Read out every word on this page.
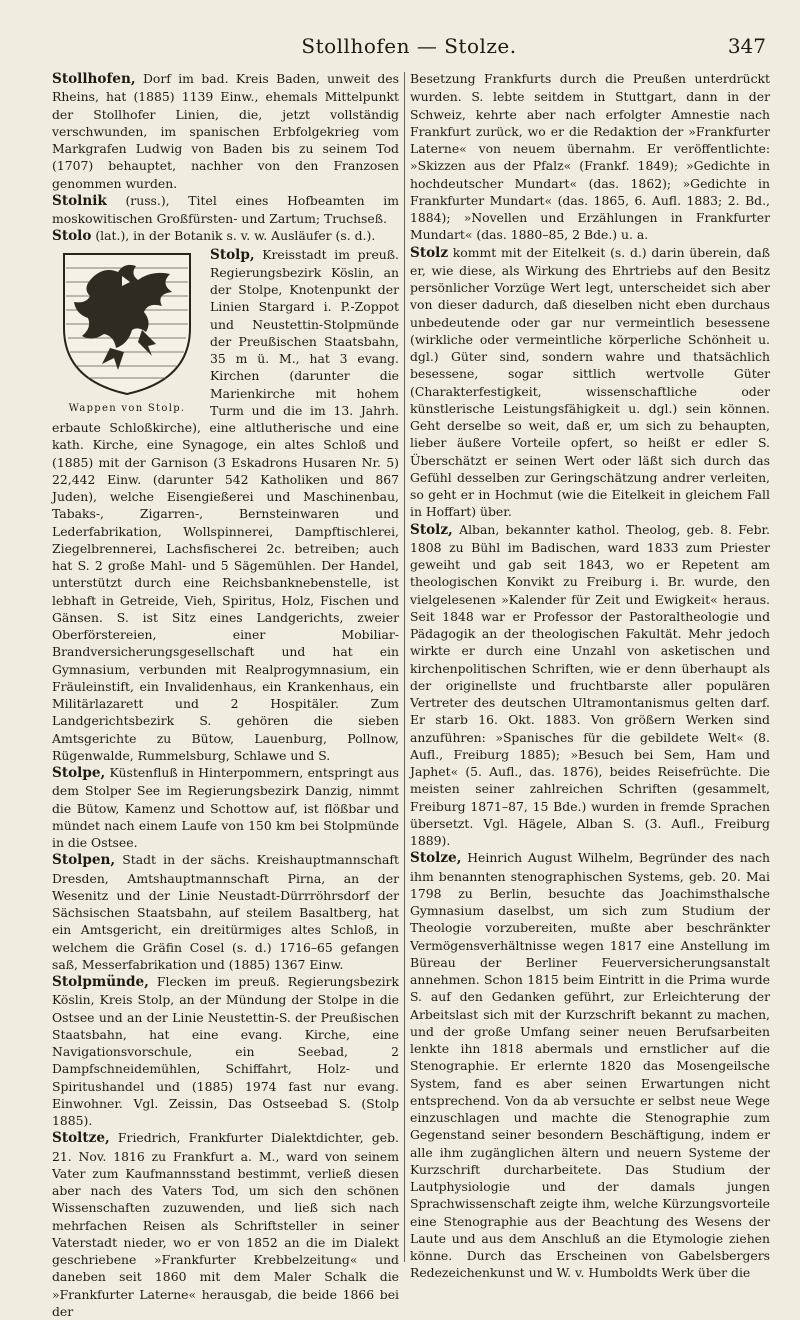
Stollhofen — Stolze.	347

Stollhofen, Dorf im bad. Kreis Baden, unweit des Rheins, hat (1885) 1139 Einw., ehemals Mittelpunkt der Stollhofer Linien, die, jetzt vollständig verschwunden, im spanischen Erbfolgekrieg vom Markgrafen Ludwig von Baden bis zu seinem Tod (1707) behauptet, nachher von den Franzosen genommen wurden.

Stolnik (russ.), Titel eines Hofbeamten im moskowitischen Großfürsten- und Zartum; Truchseß.

Stolo (lat.), in der Botanik s. v. w. Ausläufer (s. d.).

Wappen von Stolp.

Stolp, Kreisstadt im preuß. Regierungsbezirk Köslin, an der Stolpe, Knotenpunkt der Linien Stargard i. P.-Zoppot und Neustettin-Stolpmünde der Preußischen Staatsbahn, 35 m ü. M., hat 3 evang. Kirchen (darunter die Marienkirche mit hohem Turm und die im 13. Jahrh. erbaute Schloßkirche), eine altlutherische und eine kath. Kirche, eine Synagoge, ein altes Schloß und (1885) mit der Garnison (3 Eskadrons Husaren Nr. 5) 22,442 Einw. (darunter 542 Katholiken und 867 Juden), welche Eisengießerei und Maschinenbau, Tabaks-, Zigarren-, Bernsteinwaren und Lederfabrikation, Wollspinnerei, Dampftischlerei, Ziegelbrennerei, Lachsfischerei 2c. betreiben; auch hat S. 2 große Mahl- und 5 Sägemühlen. Der Handel, unterstützt durch eine Reichsbanknebenstelle, ist lebhaft in Getreide, Vieh, Spiritus, Holz, Fischen und Gänsen. S. ist Sitz eines Landgerichts, zweier Oberförstereien, einer Mobiliar-Brandversicherungsgesellschaft und hat ein Gymnasium, verbunden mit Realprogymnasium, ein Fräuleinstift, ein Invalidenhaus, ein Krankenhaus, ein Militärlazarett und 2 Hospitäler. Zum Landgerichtsbezirk S. gehören die sieben Amtsgerichte zu Bütow, Lauenburg, Pollnow, Rügenwalde, Rummelsburg, Schlawe und S.

Stolpe, Küstenfluß in Hinterpommern, entspringt aus dem Stolper See im Regierungsbezirk Danzig, nimmt die Bütow, Kamenz und Schottow auf, ist flößbar und mündet nach einem Laufe von 150 km bei Stolpmünde in die Ostsee.

Stolpen, Stadt in der sächs. Kreishauptmannschaft Dresden, Amtshauptmannschaft Pirna, an der Wesenitz und der Linie Neustadt-Dürrröhrsdorf der Sächsischen Staatsbahn, auf steilem Basaltberg, hat ein Amtsgericht, ein dreitürmiges altes Schloß, in welchem die Gräfin Cosel (s. d.) 1716–65 gefangen saß, Messerfabrikation und (1885) 1367 Einw.

Stolpmünde, Flecken im preuß. Regierungsbezirk Köslin, Kreis Stolp, an der Mündung der Stolpe in die Ostsee und an der Linie Neustettin-S. der Preußischen Staatsbahn, hat eine evang. Kirche, eine Navigationsvorschule, ein Seebad, 2 Dampfschneidemühlen, Schiffahrt, Holz- und Spiritushandel und (1885) 1974 fast nur evang. Einwohner. Vgl. Zeissin, Das Ostseebad S. (Stolp 1885).

Stoltze, Friedrich, Frankfurter Dialektdichter, geb. 21. Nov. 1816 zu Frankfurt a. M., ward von seinem Vater zum Kaufmannsstand bestimmt, verließ diesen aber nach des Vaters Tod, um sich den schönen Wissenschaften zuzuwenden, und ließ sich nach mehrfachen Reisen als Schriftsteller in seiner Vaterstadt nieder, wo er von 1852 an die im Dialekt geschriebene »Frankfurter Krebbelzeitung« und daneben seit 1860 mit dem Maler Schalk die »Frankfurter Laterne« herausgab, die beide 1866 bei der

Besetzung Frankfurts durch die Preußen unterdrückt wurden. S. lebte seitdem in Stuttgart, dann in der Schweiz, kehrte aber nach erfolgter Amnestie nach Frankfurt zurück, wo er die Redaktion der »Frankfurter Laterne« von neuem übernahm. Er veröffentlichte: »Skizzen aus der Pfalz« (Frankf. 1849); »Gedichte in hochdeutscher Mundart« (das. 1862); »Gedichte in Frankfurter Mundart« (das. 1865, 6. Aufl. 1883; 2. Bd., 1884); »Novellen und Erzählungen in Frankfurter Mundart« (das. 1880–85, 2 Bde.) u. a.

Stolz kommt mit der Eitelkeit (s. d.) darin überein, daß er, wie diese, als Wirkung des Ehrtriebs auf den Besitz persönlicher Vorzüge Wert legt, unterscheidet sich aber von dieser dadurch, daß dieselben nicht eben durchaus unbedeutende oder gar nur vermeintlich besessene (wirkliche oder vermeintliche körperliche Schönheit u. dgl.) Güter sind, sondern wahre und thatsächlich besessene, sogar sittlich wertvolle Güter (Charakterfestigkeit, wissenschaftliche oder künstlerische Leistungsfähigkeit u. dgl.) sein können. Geht derselbe so weit, daß er, um sich zu behaupten, lieber äußere Vorteile opfert, so heißt er edler S. Überschätzt er seinen Wert oder läßt sich durch das Gefühl desselben zur Geringschätzung andrer verleiten, so geht er in Hochmut (wie die Eitelkeit in gleichem Fall in Hoffart) über.

Stolz, Alban, bekannter kathol. Theolog, geb. 8. Febr. 1808 zu Bühl im Badischen, ward 1833 zum Priester geweiht und gab seit 1843, wo er Repetent am theologischen Konvikt zu Freiburg i. Br. wurde, den vielgelesenen »Kalender für Zeit und Ewigkeit« heraus. Seit 1848 war er Professor der Pastoraltheologie und Pädagogik an der theologischen Fakultät. Mehr jedoch wirkte er durch eine Unzahl von asketischen und kirchenpolitischen Schriften, wie er denn überhaupt als der originellste und fruchtbarste aller populären Vertreter des deutschen Ultramontanismus gelten darf. Er starb 16. Okt. 1883. Von größern Werken sind anzuführen: »Spanisches für die gebildete Welt« (8. Aufl., Freiburg 1885); »Besuch bei Sem, Ham und Japhet« (5. Aufl., das. 1876), beides Reisefrüchte. Die meisten seiner zahlreichen Schriften (gesammelt, Freiburg 1871–87, 15 Bde.) wurden in fremde Sprachen übersetzt. Vgl. Hägele, Alban S. (3. Aufl., Freiburg 1889).

Stolze, Heinrich August Wilhelm, Begründer des nach ihm benannten stenographischen Systems, geb. 20. Mai 1798 zu Berlin, besuchte das Joachimsthalsche Gymnasium daselbst, um sich zum Studium der Theologie vorzubereiten, mußte aber beschränkter Vermögensverhältnisse wegen 1817 eine Anstellung im Büreau der Berliner Feuerversicherungsanstalt annehmen. Schon 1815 beim Eintritt in die Prima wurde S. auf den Gedanken geführt, zur Erleichterung der Arbeitslast sich mit der Kurzschrift bekannt zu machen, und der große Umfang seiner neuen Berufsarbeiten lenkte ihn 1818 abermals und ernstlicher auf die Stenographie. Er erlernte 1820 das Mosengeilsche System, fand es aber seinen Erwartungen nicht entsprechend. Von da ab versuchte er selbst neue Wege einzuschlagen und machte die Stenographie zum Gegenstand seiner besondern Beschäftigung, indem er alle ihm zugänglichen ältern und neuern Systeme der Kurzschrift durcharbeitete. Das Studium der Lautphysiologie und der damals jungen Sprachwissenschaft zeigte ihm, welche Kürzungsvorteile eine Stenographie aus der Beachtung des Wesens der Laute und aus dem Anschluß an die Etymologie ziehen könne. Durch das Erscheinen von Gabelsbergers Redezeichenkunst und W. v. Humboldts Werk über die
